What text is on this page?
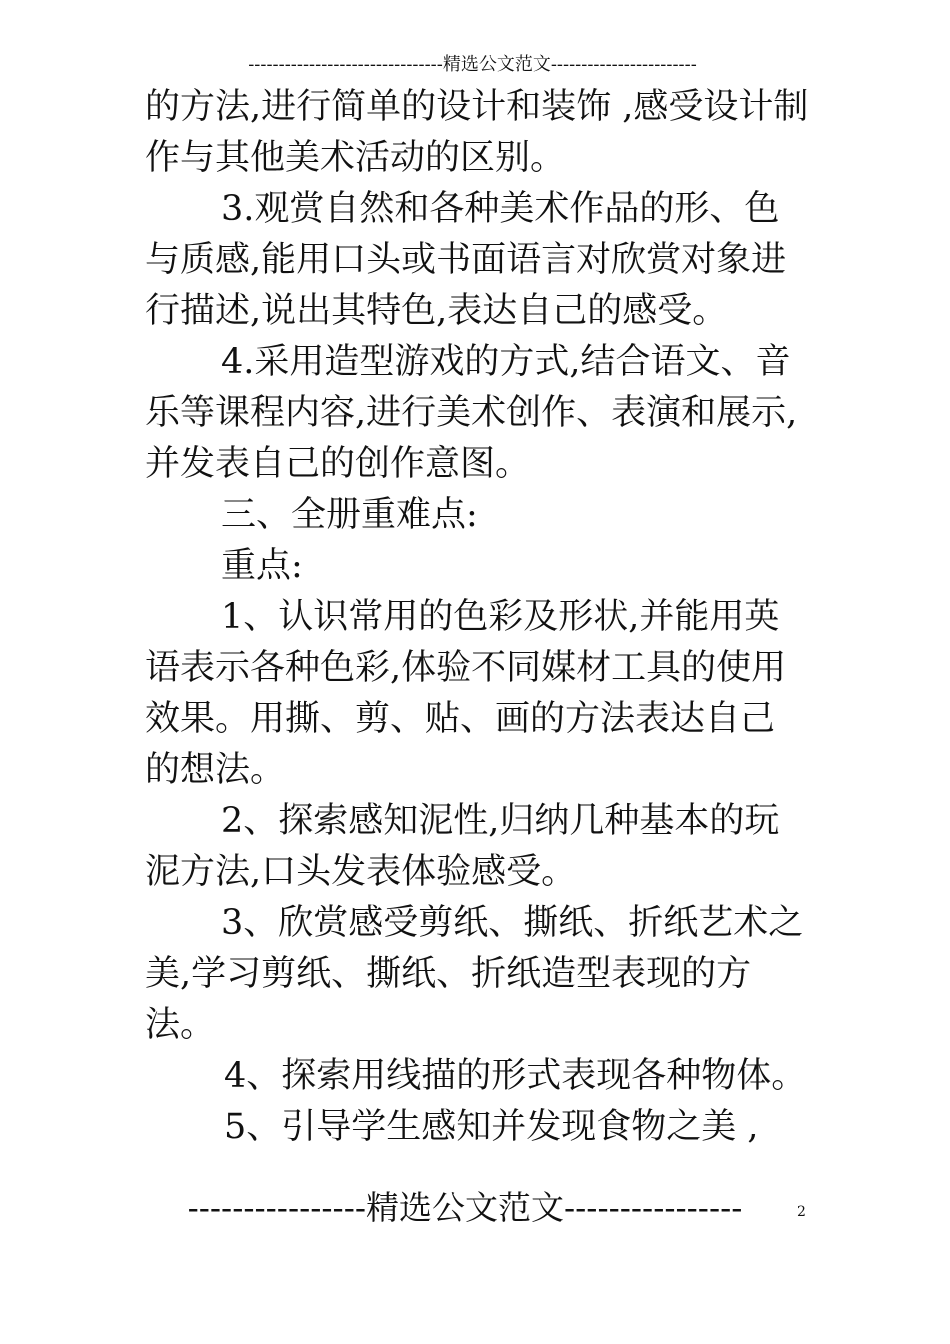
--------------------------------精选公文范文------------------------

的方法,进行简单的设计和装饰 ,感受设计制作与其他美术活动的区别。

3.观赏自然和各种美术作品的形、色与质感,能用口头或书面语言对欣赏对象进行描述,说出其特色,表达自己的感受。

4.采用造型游戏的方式,结合语文、音乐等课程内容,进行美术创作、表演和展示,并发表自己的创作意图。

三、全册重难点:

重点:

1、认识常用的色彩及形状,并能用英语表示各种色彩,体验不同媒材工具的使用效果。用撕、剪、贴、画的方法表达自己的想法。

2、探索感知泥性,归纳几种基本的玩泥方法,口头发表体验感受。

3、欣赏感受剪纸、撕纸、折纸艺术之美,学习剪纸、撕纸、折纸造型表现的方法。

4、探索用线描的形式表现各种物体。

5、引导学生感知并发现食物之美 ,

----------------精选公文范文----------------	2
